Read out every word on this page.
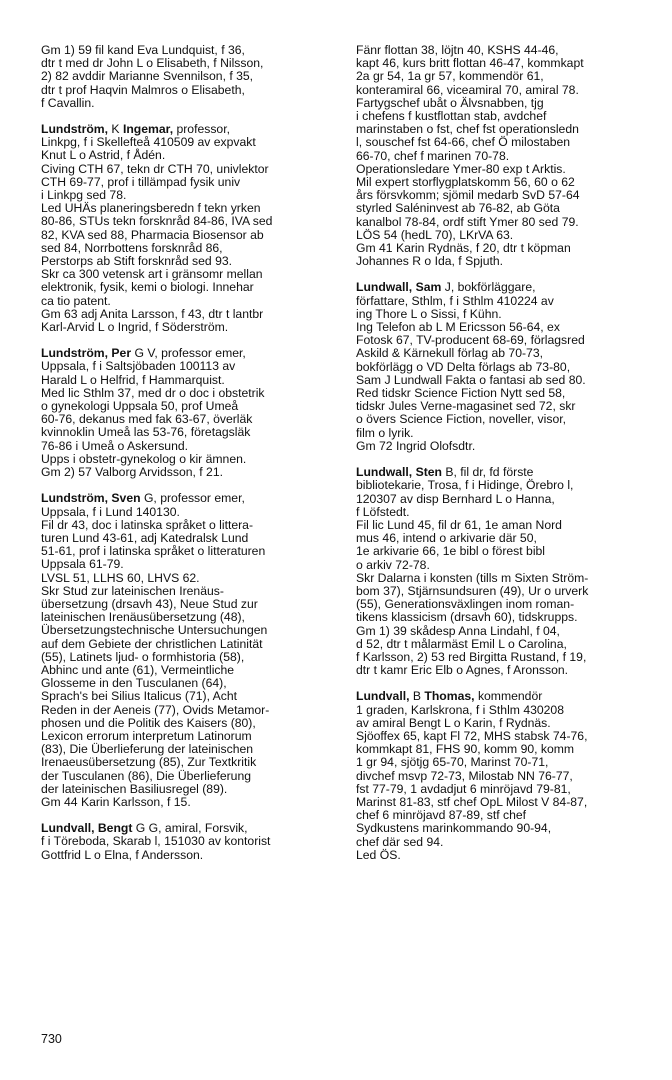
Gm 1) 59 fil kand Eva Lundquist, f 36,
dtr t med dr John L o Elisabeth, f Nilsson,
2) 82 avddir Marianne Svennilson, f 35,
dtr t prof Haqvin Malmros o Elisabeth,
f Cavallin.
Lundström, K Ingemar, professor,
Linkpg, f i Skellefteå 410509 av expvakt
Knut L o Astrid, f Ådén.
Civing CTH 67, tekn dr CTH 70, univlektor
CTH 69-77, prof i tillämpad fysik univ
i Linkpg sed 78.
Led UHÄs planeringsberedn f tekn yrken
80-86, STUs tekn forsknråd 84-86, IVA sed
82, KVA sed 88, Pharmacia Biosensor ab
sed 84, Norrbottens forsknråd 86,
Perstorps ab Stift forsknråd sed 93.
Skr ca 300 vetensk art i gränsomr mellan
elektronik, fysik, kemi o biologi. Innehar
ca tio patent.
Gm 63 adj Anita Larsson, f 43, dtr t lantbr
Karl-Arvid L o Ingrid, f Söderström.
Lundström, Per G V, professor emer,
Uppsala, f i Saltsjöbaden 100113 av
Harald L o Helfrid, f Hammarquist.
Med lic Sthlm 37, med dr o doc i obstetrik
o gynekologi Uppsala 50, prof Umeå
60-76, dekanus med fak 63-67, överläk
kvinnoklin Umeå las 53-76, företagsläk
76-86 i Umeå o Askersund.
Upps i obstetr-gynekolog o kir ämnen.
Gm 2) 57 Valborg Arvidsson, f 21.
Lundström, Sven G, professor emer,
Uppsala, f i Lund 140130.
Fil dr 43, doc i latinska språket o littera-
turen Lund 43-61, adj Katedralsk Lund
51-61, prof i latinska språket o litteraturen
Uppsala 61-79.
LVSL 51, LLHS 60, LHVS 62.
Skr Stud zur lateinischen Irenäus-
übersetzung (drsavh 43), Neue Stud zur
lateinischen Irenäusübersetzung (48),
Übersetzungstechnische Untersuchungen
auf dem Gebiete der christlichen Latinität
(55), Latinets ljud- o formhistoria (58),
Abhinc und ante (61), Vermeintliche
Glosseme in den Tusculanen (64),
Sprach's bei Silius Italicus (71), Acht
Reden in der Aeneis (77), Ovids Metamor-
phosen und die Politik des Kaisers (80),
Lexicon errorum interpretum Latinorum
(83), Die Überlieferung der lateinischen
Irenaeusübersetzung (85), Zur Textkritik
der Tusculanen (86), Die Überlieferung
der lateinischen Basiliusregel (89).
Gm 44 Karin Karlsson, f 15.
Lundvall, Bengt G G, amiral, Forsvik,
f i Töreboda, Skarab l, 151030 av kontorist
Gottfrid L o Elna, f Andersson.
Fänr flottan 38, löjtn 40, KSHS 44-46,
kapt 46, kurs britt flottan 46-47, kommkapt
2a gr 54, 1a gr 57, kommendör 61,
konteramiral 66, viceamiral 70, amiral 78.
Fartygschef ubåt o Älvsnabben, tjg
i chefens f kustflottan stab, avdchef
marinstaben o fst, chef fst operationsledn
l, souschef fst 64-66, chef Ö milostaben
66-70, chef f marinen 70-78.
Operationsledare Ymer-80 exp t Arktis.
Mil expert storflygplatskomm 56, 60 o 62
års försvkomm; sjömil medarb SvD 57-64
styrled Saléninvest ab 76-82, ab Göta
kanalbol 78-84, ordf stift Ymer 80 sed 79.
LÖS 54 (hedL 70), LKrVA 63.
Gm 41 Karin Rydnäs, f 20, dtr t köpman
Johannes R o Ida, f Spjuth.
Lundwall, Sam J, bokförläggare,
författare, Sthlm, f i Sthlm 410224 av
ing Thore L o Sissi, f Kühn.
Ing Telefon ab L M Ericsson 56-64, ex
Fotosk 67, TV-producent 68-69, förlagsred
Askild & Kärnekull förlag ab 70-73,
bokförlägg o VD Delta förlags ab 73-80,
Sam J Lundwall Fakta o fantasi ab sed 80.
Red tidskr Science Fiction Nytt sed 58,
tidskr Jules Verne-magasinet sed 72, skr
o övers Science Fiction, noveller, visor,
film o lyrik.
Gm 72 Ingrid Olofsdtr.
Lundwall, Sten B, fil dr, fd förste
bibliotekarie, Trosa, f i Hidinge, Örebro l,
120307 av disp Bernhard L o Hanna,
f Löfstedt.
Fil lic Lund 45, fil dr 61, 1e aman Nord
mus 46, intend o arkivarie där 50,
1e arkivarie 66, 1e bibl o förest bibl
o arkiv 72-78.
Skr Dalarna i konsten (tills m Sixten Ström-
bom 37), Stjärnsundsuren (49), Ur o urverk
(55), Generationsväxlingen inom roman-
tikens klassicism (drsavh 60), tidskrupps.
Gm 1) 39 skådesp Anna Lindahl, f 04,
d 52, dtr t målarmäst Emil L o Carolina,
f Karlsson, 2) 53 red Birgitta Rustand, f 19,
dtr t kamr Eric Elb o Agnes, f Aronsson.
Lundvall, B Thomas, kommendör
1 graden, Karlskrona, f i Sthlm 430208
av amiral Bengt L o Karin, f Rydnäs.
Sjöoffex 65, kapt Fl 72, MHS stabsk 74-76,
kommkapt 81, FHS 90, komm 90, komm
1 gr 94, sjötjg 65-70, Marinst 70-71,
divchef msvp 72-73, Milostab NN 76-77,
fst 77-79, 1 avdadjut 6 minröjavd 79-81,
Marinst 81-83, stf chef OpL Milost V 84-87,
chef 6 minröjavd 87-89, stf chef
Sydkustens marinkommando 90-94,
chef där sed 94.
Led ÖS.
730
